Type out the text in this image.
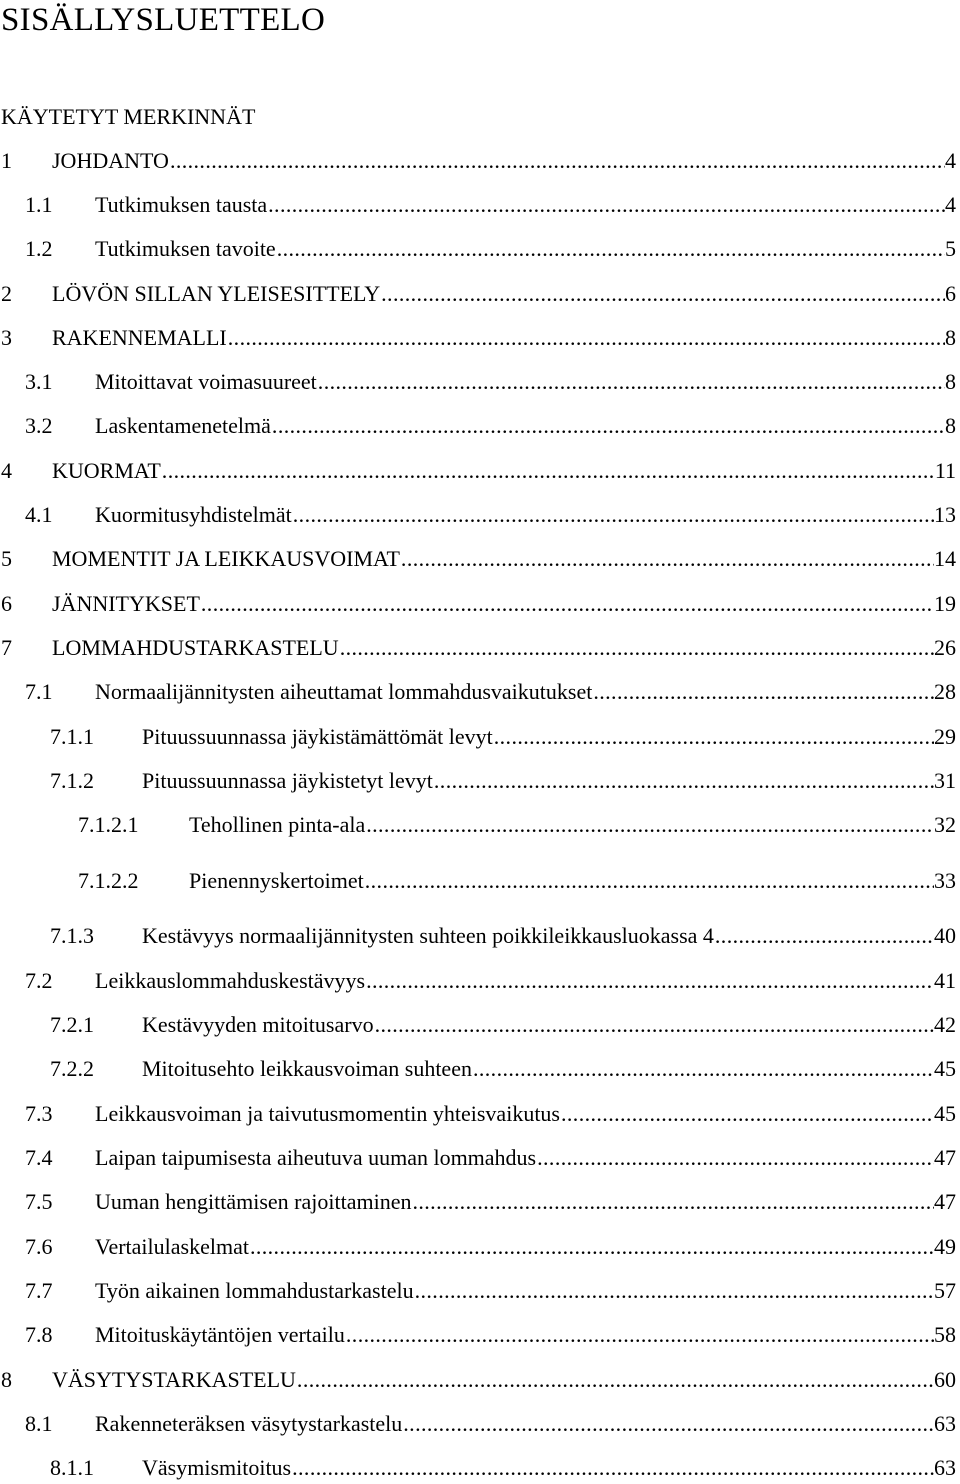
SISÄLLYSLUETTELO
KÄYTETYT MERKINNÄT
1 JOHDANTO .....	4
1.1 Tutkimuksen tausta .....	4
1.2 Tutkimuksen tavoite .....	5
2 LÖVÖN SILLAN YLEISESITTELY .....	6
3 RAKENNEMALLI .....	8
3.1 Mitoittavat voimasuureet .....	8
3.2 Laskentamenetelmä .....	8
4 KUORMAT .....	11
4.1 Kuormitusyhdistelmät .....	13
5 MOMENTIT JA LEIKKAUSVOIMAT .....	14
6 JÄNNITYKSET .....	19
7 LOMMAHDUSTARKASTELU .....	26
7.1 Normaalijännitysten aiheuttamat lommahdusvaikutukset .....	28
7.1.1 Pituussuunnassa jäykistämättömät levyt .....	29
7.1.2 Pituussuunnassa jäykistetyt levyt .....	31
7.1.2.1 Tehollinen pinta-ala .....	32
7.1.2.2 Pienennyskertoimet .....	33
7.1.3 Kestävyys normaalijännitysten suhteen poikkileikkausluokassa 4 .....	40
7.2 Leikkauslommahduskestävyys .....	41
7.2.1 Kestävyyden mitoitusarvo .....	42
7.2.2 Mitoitusehto leikkausvoiman suhteen .....	45
7.3 Leikkausvoiman ja taivutusmomentin yhteisvaikutus .....	45
7.4 Laipan taipumisesta aiheutuva uuman lommahdus .....	47
7.5 Uuman hengittämisen rajoittaminen .....	47
7.6 Vertailulaskelmat .....	49
7.7 Työn aikainen lommahdustarkastelu .....	57
7.8 Mitoituskäytäntöjen vertailu .....	58
8 VÄSYTYSTARKASTELU .....	60
8.1 Rakenneteräksen väsytystarkastelu .....	63
8.1.1 Väsymismitoitus .....	63
